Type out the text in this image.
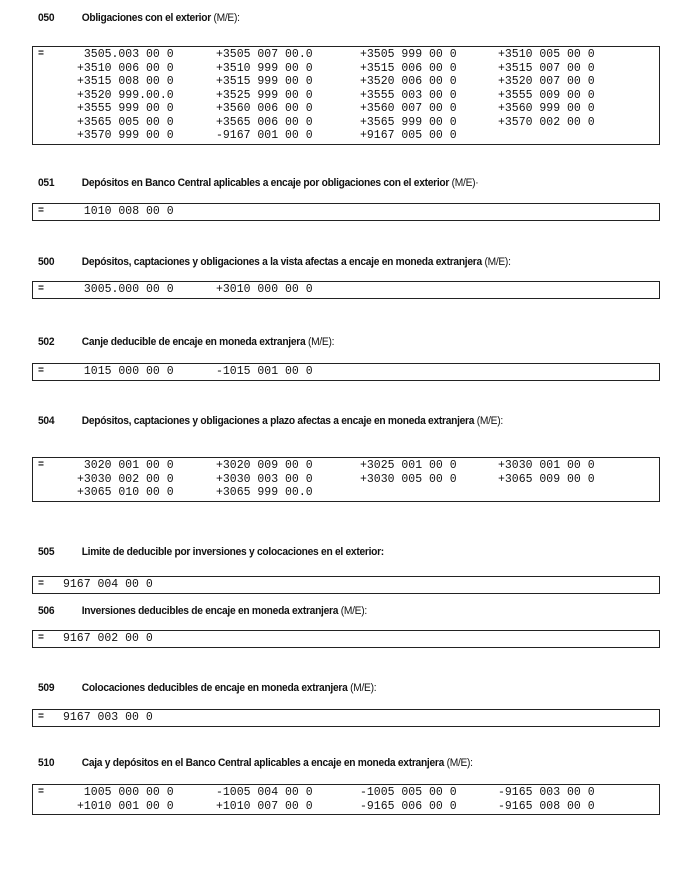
050 Obligaciones con el exterior (M/E):
=	3505.003 00 0	+3505 007 00.0	+3505 999 00 0	+3510 005 00 0
+3510 006 00 0	+3510 999 00 0	+3515 006 00 0	+3515 007 00 0
+3515 008 00 0	+3515 999 00 0	+3520 006 00 0	+3520 007 00 0
+3520 999.00.0	+3525 999 00 0	+3555 003 00 0	+3555 009 00 0
+3555 999 00 0	+3560 006 00 0	+3560 007 00 0	+3560 999 00 0
+3565 005 00 0	+3565 006 00 0	+3565 999 00 0	+3570 002 00 0
+3570 999 00 0	-9167 001 00 0	+9167 005 00 0
051 Depósitos en Banco Central aplicables a encaje por obligaciones con el exterior (M/E)·
=	1010 008 00 0
500 Depósitos, captaciones y obligaciones a la vista afectas a encaje en moneda extranjera (M/E):
=	3005.000 00 0	+3010 000 00 0
502 Canje deducible de encaje en moneda extranjera (M/E):
=	1015 000 00 0	-1015 001 00 0
504 Depósitos, captaciones y obligaciones a plazo afectas a encaje en moneda extranjera (M/E):
=	3020 001 00 0	+3020 009 00 0	+3025 001 00 0	+3030 001 00 0
+3030 002 00 0	+3030 003 00 0	+3030 005 00 0	+3065 009 00 0
+3065 010 00 0	+3065 999 00.0
505 Limite de deducible por inversiones y colocaciones en el exterior:
= 9167 004 00 0
506 Inversiones deducibles de encaje en moneda extranjera (M/E):
= 9167 002 00 0
509 Colocaciones deducibles de encaje en moneda extranjera (M/E):
= 9167 003 00 0
510 Caja y depósitos en el Banco Central aplicables a encaje en moneda extranjera (M/E):
=	1005 000 00 0	-1005 004 00 0	-1005 005 00 0	-9165 003 00 0
+1010 001 00 0	+1010 007 00 0	-9165 006 00 0	-9165 008 00 0
